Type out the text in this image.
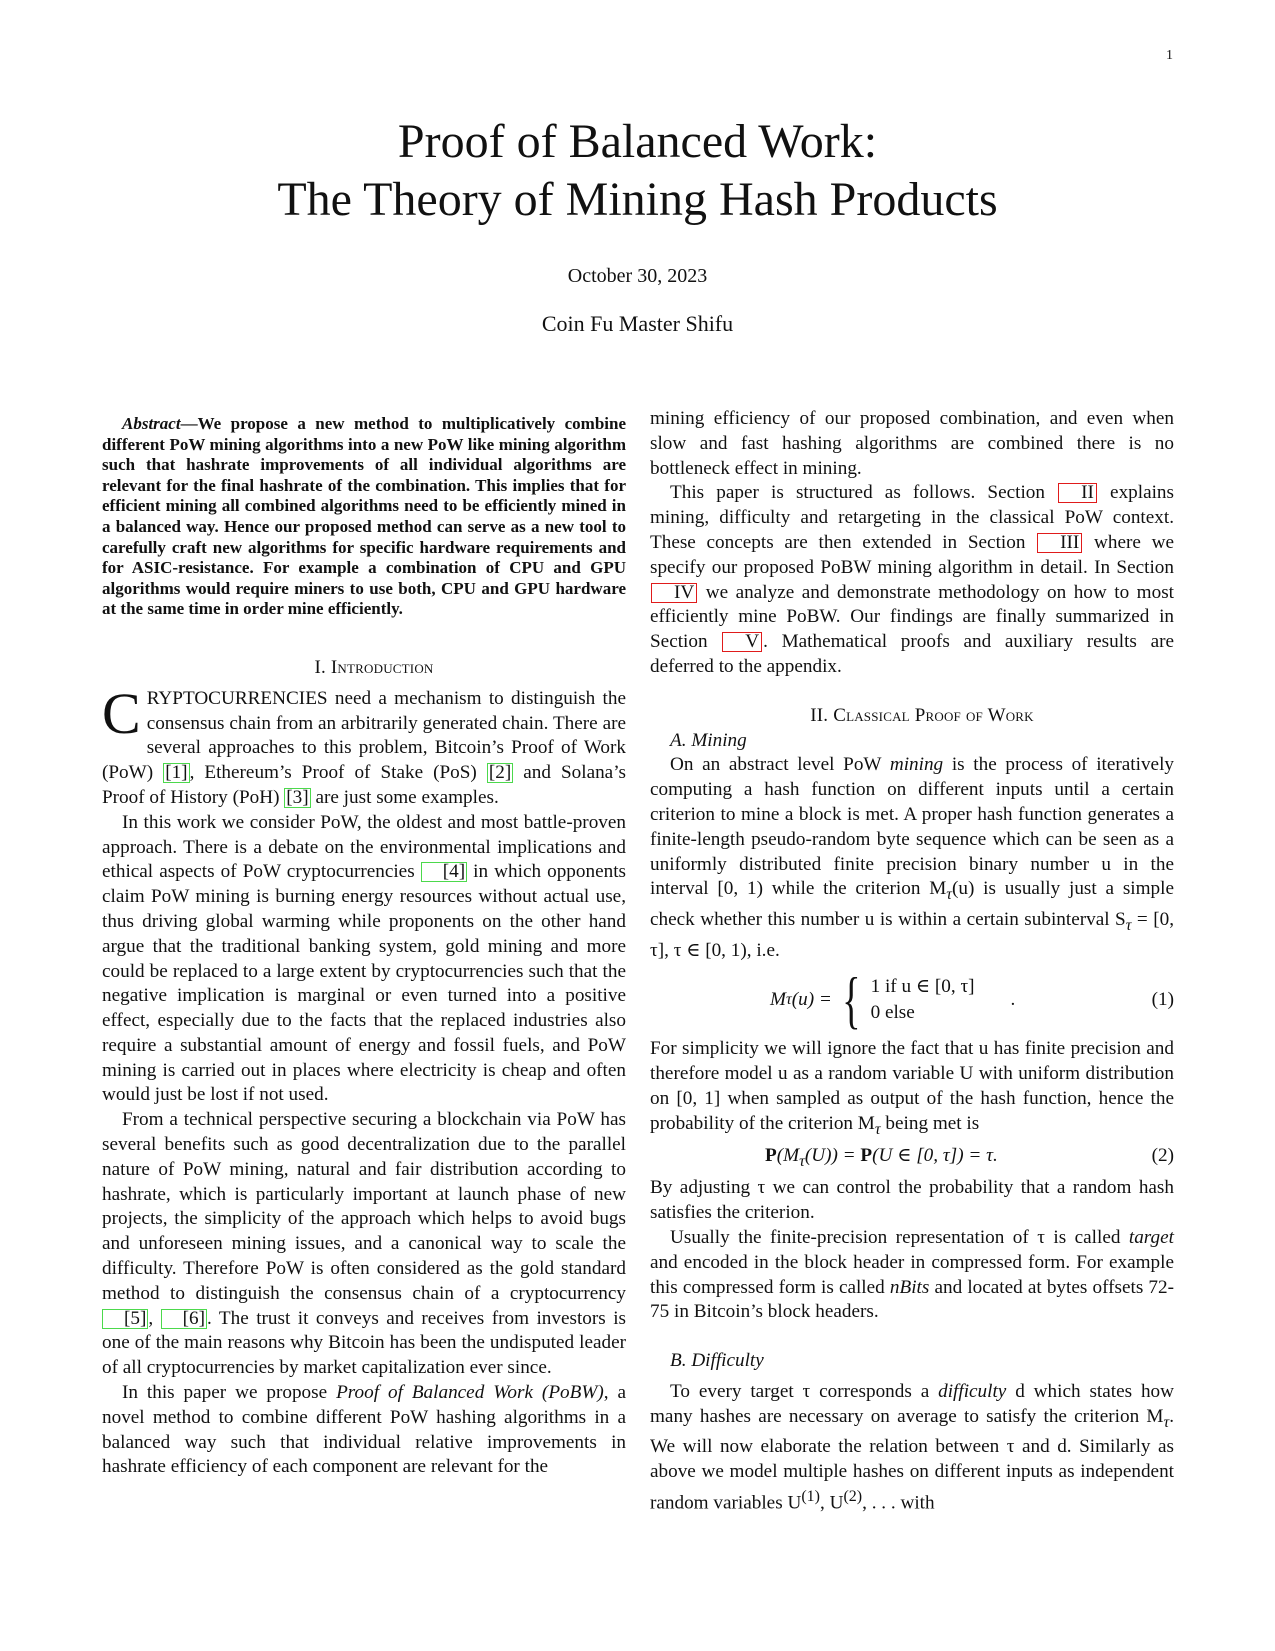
1
Proof of Balanced Work:
The Theory of Mining Hash Products
October 30, 2023
Coin Fu Master Shifu

Abstract—We propose a new method to multiplicatively combine different PoW mining algorithms into a new PoW like mining algorithm such that hashrate improvements of all individual algorithms are relevant for the final hashrate of the combination. This implies that for efficient mining all combined algorithms need to be efficiently mined in a balanced way. Hence our proposed method can serve as a new tool to carefully craft new algorithms for specific hardware requirements and for ASIC-resistance. For example a combination of CPU and GPU algorithms would require miners to use both, CPU and GPU hardware at the same time in order mine efficiently.

I. Introduction

CRYPTOCURRENCIES need a mechanism to distinguish the consensus chain from an arbitrarily generated chain. There are several approaches to this problem, Bitcoin’s Proof of Work (PoW) [1] , Ethereum’s Proof of Stake (PoS) [2] and Solana’s Proof of History (PoH) [3] are just some examples.

In this work we consider PoW, the oldest and most battle-proven approach. There is a debate on the environmental implications and ethical aspects of PoW cryptocurrencies [4] in which opponents claim PoW mining is burning energy resources without actual use, thus driving global warming while proponents on the other hand argue that the traditional banking system, gold mining and more could be replaced to a large extent by cryptocurrencies such that the negative implication is marginal or even turned into a positive effect, especially due to the facts that the replaced industries also require a substantial amount of energy and fossil fuels, and PoW mining is carried out in places where electricity is cheap and often would just be lost if not used.

From a technical perspective securing a blockchain via PoW has several benefits such as good decentralization due to the parallel nature of PoW mining, natural and fair distribution according to hashrate, which is particularly important at launch phase of new projects, the simplicity of the approach which helps to avoid bugs and unforeseen mining issues, and a canonical way to scale the difficulty. Therefore PoW is often considered as the gold standard method to distinguish the consensus chain of a cryptocurrency [5] , [6] . The trust it conveys and receives from investors is one of the main reasons why Bitcoin has been the undisputed leader of all cryptocurrencies by market capitalization ever since.

In this paper we propose Proof of Balanced Work (PoBW), a novel method to combine different PoW hashing algorithms in a balanced way such that individual relative improvements in hashrate efficiency of each component are relevant for the

mining efficiency of our proposed combination, and even when slow and fast hashing algorithms are combined there is no bottleneck effect in mining.

This paper is structured as follows. Section II explains mining, difficulty and retargeting in the classical PoW context. These concepts are then extended in Section III where we specify our proposed PoBW mining algorithm in detail. In Section IV we analyze and demonstrate methodology on how to most efficiently mine PoBW. Our findings are finally summarized in Section V . Mathematical proofs and auxiliary results are deferred to the appendix.

II. Classical Proof of Work

A. Mining

On an abstract level PoW mining is the process of iteratively computing a hash function on different inputs until a certain criterion to mine a block is met. A proper hash function generates a finite-length pseudo-random byte sequence which can be seen as a uniformly distributed finite precision binary number u in the interval [0, 1) while the criterion $M_\tau(u)$ is usually just a simple check whether this number u is within a certain subinterval $S_\tau = [0$, τ], τ ∈ [0, 1), i.e.

M τ (u) = { 1 if u ∈ [0, τ]
0 else
.	(1)

For simplicity we will ignore the fact that u has finite precision and therefore model u as a random variable U with uniform distribution on [0, 1] when sampled as output of the hash function, hence the probability of the criterion $M_\tau$ being met is

$P(M_\tau(U)) = P(U$ ∈ [0, τ]) = τ.	(2)

By adjusting τ we can control the probability that a random hash satisfies the criterion.

Usually the finite-precision representation of τ is called target and encoded in the block header in compressed form. For example this compressed form is called nBits and located at bytes offsets 72-75 in Bitcoin’s block headers.

B. Difficulty

To every target τ corresponds a difficulty d which states how many hashes are necessary on average to satisfy the criterion $M_\tau$. We will now elaborate the relation between τ and d. Similarly as above we model multiple hashes on different inputs as independent random variables $U^{(1)}$, $U^{(2)}$, . . . with
